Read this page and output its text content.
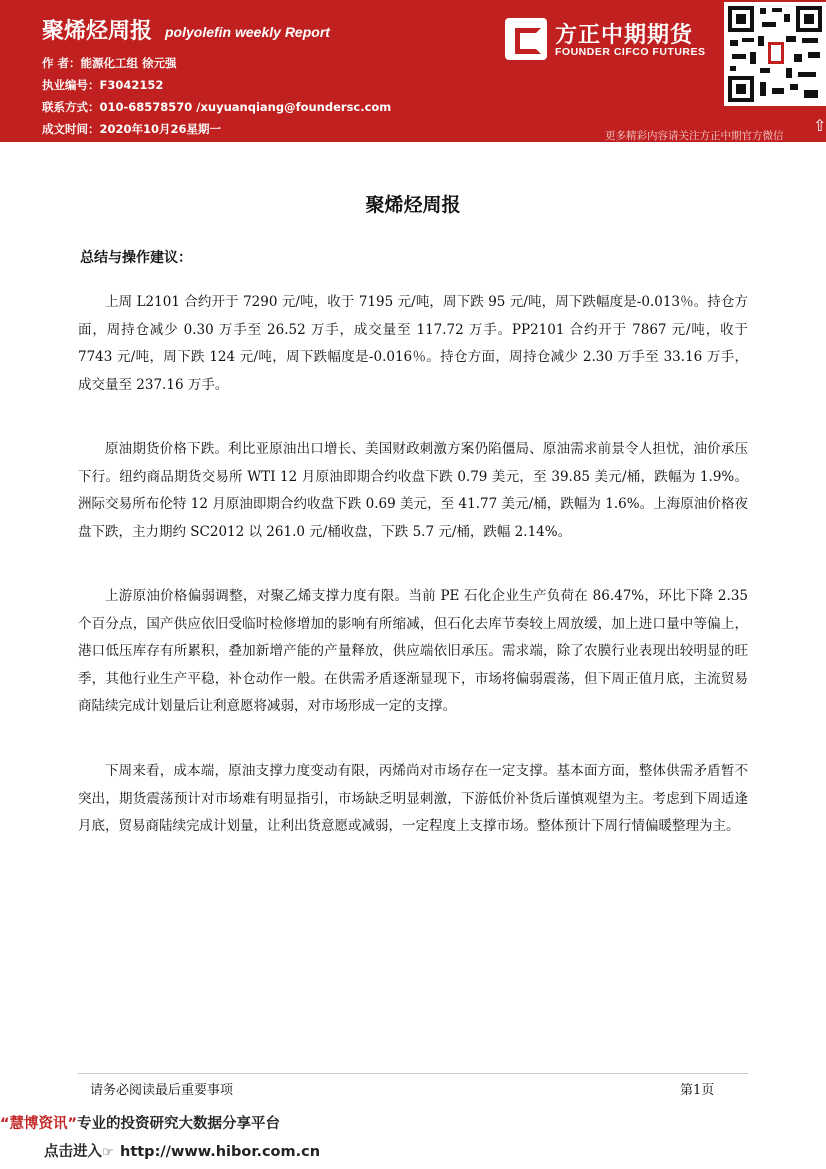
聚烯烃周报 polyolefin weekly Report
作 者：能源化工组 徐元强
执业编号：F3042152
联系方式：010-68578570 /xuyuanqiang@foundersc.com
成文时间：2020年10月26星期一
方正中期期货
FOUNDER CIFCO FUTURES
⇧
更多精彩内容请关注方正中期官方微信
聚烯烃周报
总结与操作建议：

上周 L2101 合约开于 7290 元/吨，收于 7195 元/吨，周下跌 95 元/吨，周下跌幅度是-0.013％。持仓方面，周持仓减少 0.30 万手至 26.52 万手，成交量至 117.72 万手。PP2101 合约开于 7867 元/吨，收于 7743 元/吨，周下跌 124 元/吨，周下跌幅度是-0.016％。持仓方面，周持仓减少 2.30 万手至 33.16 万手，成交量至 237.16 万手。

原油期货价格下跌。利比亚原油出口增长、美国财政刺激方案仍陷僵局、原油需求前景令人担忧，油价承压下行。纽约商品期货交易所 WTI 12 月原油即期合约收盘下跌 0.79 美元，至 39.85 美元/桶，跌幅为 1.9%。洲际交易所布伦特 12 月原油即期合约收盘下跌 0.69 美元，至 41.77 美元/桶，跌幅为 1.6%。上海原油价格夜盘下跌，主力期约 SC2012 以 261.0 元/桶收盘，下跌 5.7 元/桶，跌幅 2.14%。

上游原油价格偏弱调整，对聚乙烯支撑力度有限。当前 PE 石化企业生产负荷在 86.47%，环比下降 2.35 个百分点，国产供应依旧受临时检修增加的影响有所缩减，但石化去库节奏较上周放缓，加上进口量中等偏上，港口低压库存有所累积，叠加新增产能的产量释放，供应端依旧承压。需求端，除了农膜行业表现出较明显的旺季，其他行业生产平稳，补仓动作一般。在供需矛盾逐渐显现下，市场将偏弱震荡，但下周正值月底，主流贸易商陆续完成计划量后让利意愿将减弱，对市场形成一定的支撑。

下周来看，成本端，原油支撑力度变动有限，丙烯尚对市场存在一定支撑。基本面方面，整体供需矛盾暂不突出，期货震荡预计对市场难有明显指引，市场缺乏明显刺激，下游低价补货后谨慎观望为主。考虑到下周适逢月底，贸易商陆续完成计划量，让利出货意愿或减弱，一定程度上支撑市场。整体预计下周行情偏暖整理为主。

请务必阅读最后重要事项	第1页
“慧博资讯”专业的投资研究大数据分享平台
点击进入☞ http://www.hibor.com.cn
